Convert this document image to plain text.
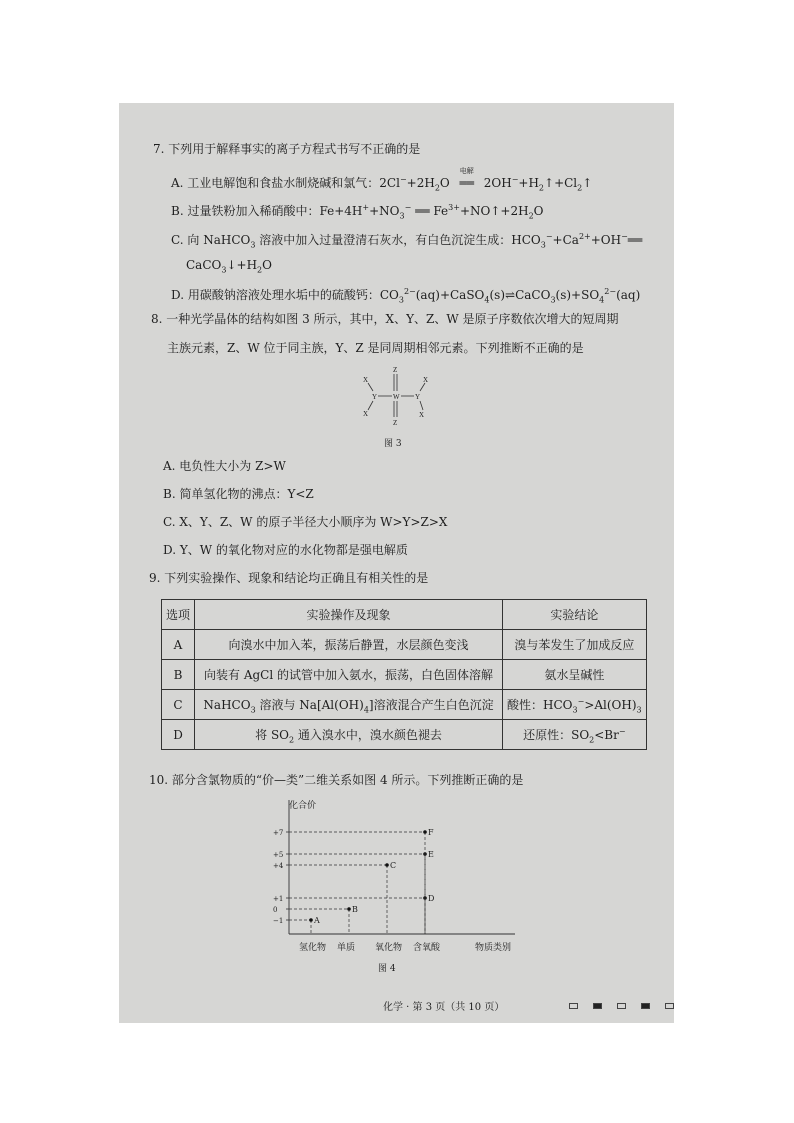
7. 下列用于解释事实的离子方程式书写不正确的是
A. 工业电解饱和食盐水制烧碱和氯气：$2Cl^-+2H_2O$
电解
══ $2OH^-+H_2↑+Cl_2↑$
B. 过量铁粉加入稀硝酸中：$Fe+4H^++NO_3^-$ ══ $Fe^{3+}+NO↑+2H_2O$
C. 向 NaHCO$_3$ 溶液中加入过量澄清石灰水，有白色沉淀生成：$HCO_3^-+Ca^{2+}+OH^-══$
$CaCO_3↓+H_2O$
D. 用碳酸钠溶液处理水垢中的硫酸钙：$CO_3^{2-}(aq)+CaSO_4(s)\rightleftharpoons CaCO_3(s)+SO_4^{2-}(aq)$
8. 一种光学晶体的结构如图 3 所示，其中，X、Y、Z、W 是原子序数依次增大的短周期
主族元素，Z、W 位于同主族，Y、Z 是同周期相邻元素。下列推断不正确的是
Z
Z
X	X
X	X
Y W Y
图 3
A. 电负性大小为 Z>W
B. 简单氢化物的沸点：Y<Z
C. X、Y、Z、W 的原子半径大小顺序为 W>Y>Z>X
D. Y、W 的氧化物对应的水化物都是强电解质
9. 下列实验操作、现象和结论均正确且有相关性的是
选项	实验操作及现象	实验结论
A	向溴水中加入苯，振荡后静置，水层颜色变浅	溴与苯发生了加成反应
B	向装有 AgCl 的试管中加入氨水，振荡，白色固体溶解	氨水呈碱性
C	NaHCO$_3$ 溶液与 $Na[Al(OH)_4]$溶液混合产生白色沉淀	酸性：$HCO_3^->Al(OH)_3$
D	将 $SO_2$ 通入溴水中，溴水颜色褪去	还原性：$SO_2<Br^-$
10. 部分含氯物质的“价—类”二维关系如图 4 所示。下列推断正确的是
化合价
+7
+5
+4
+1
0
−1
氢化物 单质 氧化物 含氧酸
A
B
C
D
E
F
物质类别
图 4
化学 · 第 3 页（共 10 页）
